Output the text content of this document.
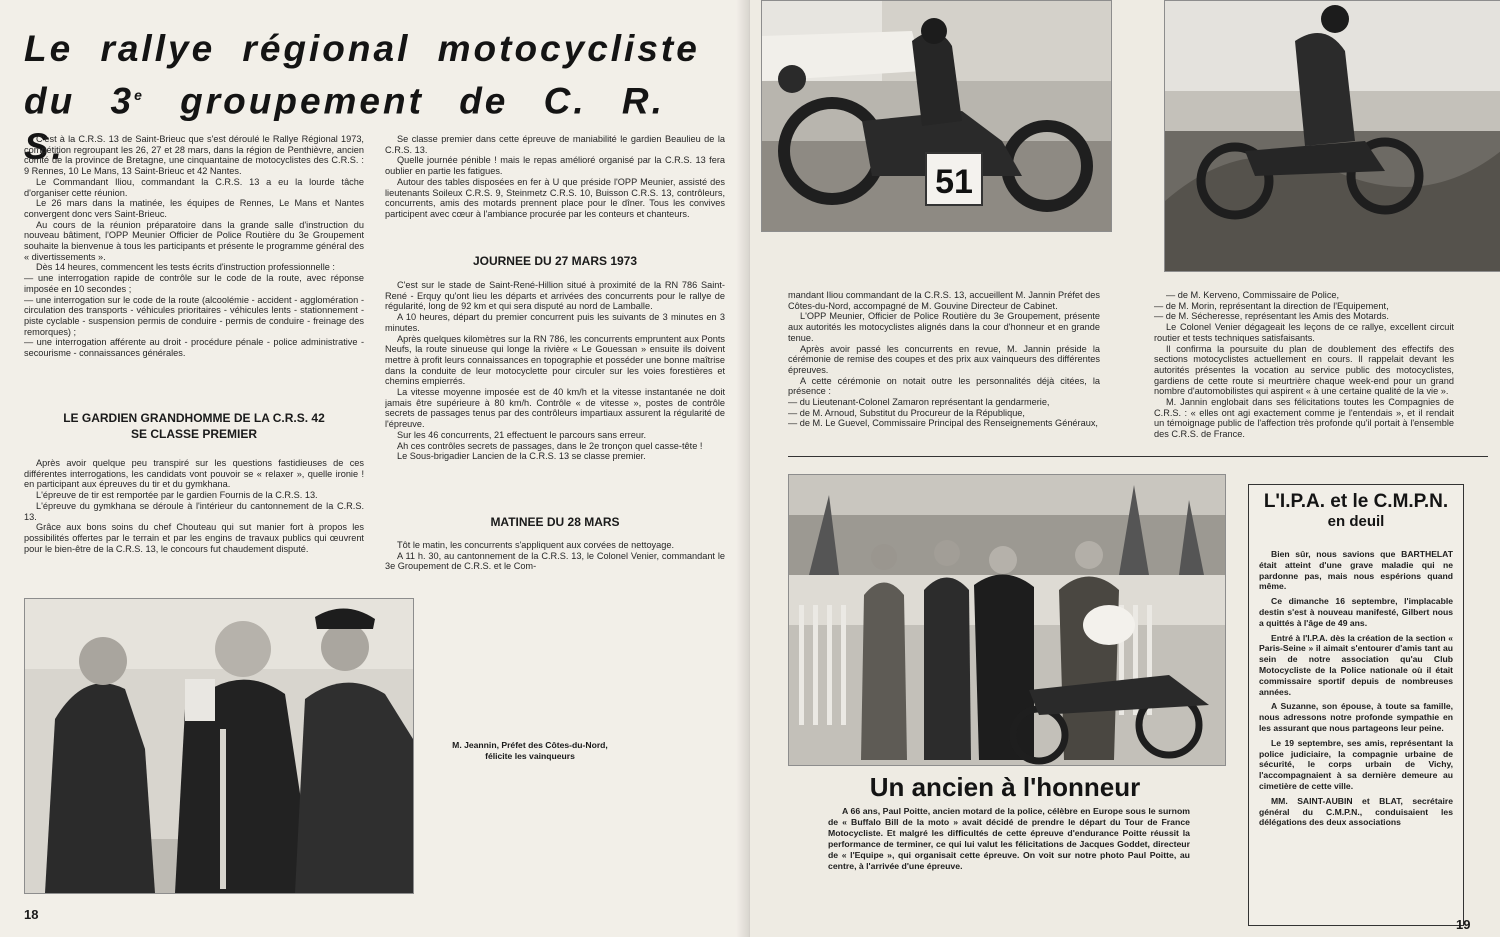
Le rallye régional motocycliste
du 3e groupement de C. R. S.

C'est à la C.R.S. 13 de Saint-Brieuc que s'est déroulé le Rallye Régional 1973, compétition regroupant les 26, 27 et 28 mars, dans la région de Penthièvre, ancien comté de la province de Bretagne, une cinquantaine de motocyclistes des C.R.S. : 9 Rennes, 10 Le Mans, 13 Saint-Brieuc et 42 Nantes.

Le Commandant Iliou, commandant la C.R.S. 13 a eu la lourde tâche d'organiser cette réunion.

Le 26 mars dans la matinée, les équipes de Rennes, Le Mans et Nantes convergent donc vers Saint-Brieuc.

Au cours de la réunion préparatoire dans la grande salle d'instruction du nouveau bâtiment, l'OPP Meunier Officier de Police Routière du 3e Groupement souhaite la bienvenue à tous les participants et présente le programme général des « divertissements ».

Dès 14 heures, commencent les tests écrits d'instruction professionnelle :
— une interrogation rapide de contrôle sur le code de la route, avec réponse imposée en 10 secondes ;
— une interrogation sur le code de la route (alcoolémie - accident - agglomération - circulation des transports - véhicules prioritaires - véhicules lents - stationnement - piste cyclable - suspension permis de conduire - permis de conduire - freinage des remorques) ;
— une interrogation afférente au droit - procédure pénale - police administrative - secourisme - connaissances générales.

LE GARDIEN GRANDHOMME DE LA C.R.S. 42
SE CLASSE PREMIER

Après avoir quelque peu transpiré sur les questions fastidieuses de ces différentes interrogations, les candidats vont pouvoir se « relaxer », quelle ironie ! en participant aux épreuves du tir et du gymkhana.

L'épreuve de tir est remportée par le gardien Fournis de la C.R.S. 13.

L'épreuve du gymkhana se déroule à l'intérieur du cantonnement de la C.R.S. 13.

Grâce aux bons soins du chef Chouteau qui sut manier fort à propos les possibilités offertes par le terrain et par les engins de travaux publics qui œuvrent pour le bien-être de la C.R.S. 13, le concours fut chaudement disputé.

Se classe premier dans cette épreuve de maniabilité le gardien Beaulieu de la C.R.S. 13.

Quelle journée pénible ! mais le repas amélioré organisé par la C.R.S. 13 fera oublier en partie les fatigues.

Autour des tables disposées en fer à U que préside l'OPP Meunier, assisté des lieutenants Soileux C.R.S. 9, Steinmetz C.R.S. 10, Buisson C.R.S. 13, contrôleurs, concurrents, amis des motards prennent place pour le dîner. Tous les convives participent avec cœur à l'ambiance procurée par les conteurs et chanteurs.

JOURNEE DU 27 MARS 1973

C'est sur le stade de Saint-René-Hillion situé à proximité de la RN 786 Saint-René - Erquy qu'ont lieu les départs et arrivées des concurrents pour le rallye de régularité, long de 92 km et qui sera disputé au nord de Lamballe.

A 10 heures, départ du premier concurrent puis les suivants de 3 minutes en 3 minutes.

Après quelques kilomètres sur la RN 786, les concurrents empruntent aux Ponts Neufs, la route sinueuse qui longe la rivière « Le Gouessan » ensuite ils doivent mettre à profit leurs connaissances en topographie et posséder une bonne maîtrise dans la conduite de leur motocyclette pour circuler sur les voies forestières et chemins empierrés.

La vitesse moyenne imposée est de 40 km/h et la vitesse instantanée ne doit jamais être supérieure à 80 km/h. Contrôle « de vitesse », postes de contrôle secrets de passages tenus par des contrôleurs impartiaux assurent la régularité de l'épreuve.

Sur les 46 concurrents, 21 effectuent le parcours sans erreur.

Ah ces contrôles secrets de passages, dans le 2e tronçon quel casse-tête !

Le Sous-brigadier Lancien de la C.R.S. 13 se classe premier.

MATINEE DU 28 MARS

Tôt le matin, les concurrents s'appliquent aux corvées de nettoyage.

A 11 h. 30, au cantonnement de la C.R.S. 13, le Colonel Venier, commandant le 3e Groupement de C.R.S. et le Com-

M. Jeannin, Préfet des Côtes-du-Nord,
félicite les vainqueurs
18
51

mandant Iliou commandant de la C.R.S. 13, accueillent M. Jannin Préfet des Côtes-du-Nord, accompagné de M. Gouvine Directeur de Cabinet.

L'OPP Meunier, Officier de Police Routière du 3e Groupement, présente aux autorités les motocyclistes alignés dans la cour d'honneur et en grande tenue.

Après avoir passé les concurrents en revue, M. Jannin préside la cérémonie de remise des coupes et des prix aux vainqueurs des différentes épreuves.

A cette cérémonie on notait outre les personnalités déjà citées, la présence :
— du Lieutenant-Colonel Zamaron représentant la gendarmerie,
— de M. Arnoud, Substitut du Procureur de la République,
— de M. Le Guevel, Commissaire Principal des Renseignements Généraux,

— de M. Kerveno, Commissaire de Police,
— de M. Morin, représentant la direction de l'Equipement,
— de M. Sécheresse, représentant les Amis des Motards.

Le Colonel Venier dégageait les leçons de ce rallye, excellent circuit routier et tests techniques satisfaisants.

Il confirma la poursuite du plan de doublement des effectifs des sections motocyclistes actuellement en cours. Il rappelait devant les autorités présentes la vocation au service public des motocyclistes, gardiens de cette route si meurtrière chaque week-end pour un grand nombre d'automobilistes qui aspirent « à une certaine qualité de la vie ».

M. Jannin englobait dans ses félicitations toutes les Compagnies de C.R.S. : « elles ont agi exactement comme je l'entendais », et il rendait un témoignage public de l'affection très profonde qu'il portait à l'ensemble des C.R.S. de France.

Un ancien à l'honneur

A 66 ans, Paul Poitte, ancien motard de la police, célèbre en Europe sous le surnom de « Buffalo Bill de la moto » avait décidé de prendre le départ du Tour de France Motocycliste. Et malgré les difficultés de cette épreuve d'endurance Poitte réussit la performance de terminer, ce qui lui valut les félicitations de Jacques Goddet, directeur de « l'Equipe », qui organisait cette épreuve. On voit sur notre photo Paul Poitte, au centre, à l'arrivée d'une épreuve.

L'I.P.A. et le C.M.P.N.
en deuil

Bien sûr, nous savions que BARTHELAT était atteint d'une grave maladie qui ne pardonne pas, mais nous espérions quand même.

Ce dimanche 16 septembre, l'implacable destin s'est à nouveau manifesté, Gilbert nous a quittés à l'âge de 49 ans.

Entré à l'I.P.A. dès la création de la section « Paris-Seine » il aimait s'entourer d'amis tant au sein de notre association qu'au Club Motocycliste de la Police nationale où il était commissaire sportif depuis de nombreuses années.

A Suzanne, son épouse, à toute sa famille, nous adressons notre profonde sympathie en les assurant que nous partageons leur peine.

Le 19 septembre, ses amis, représentant la police judiciaire, la compagnie urbaine de sécurité, le corps urbain de Vichy, l'accompagnaient à sa dernière demeure au cimetière de cette ville.

MM. SAINT-AUBIN et BLAT, secrétaire général du C.M.P.N., conduisaient les délégations des deux associations

19
